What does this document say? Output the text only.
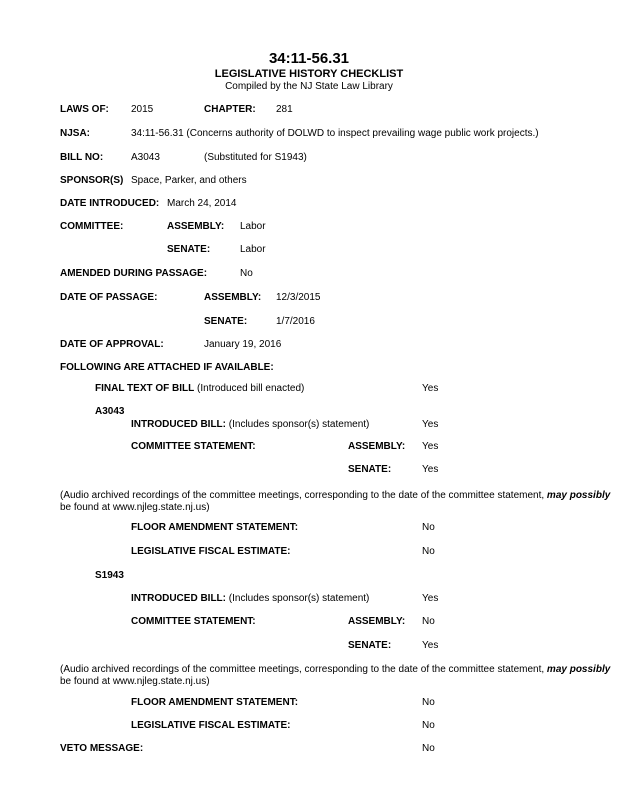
34:11-56.31
LEGISLATIVE HISTORY CHECKLIST
Compiled by the NJ State Law Library
LAWS OF: 2015	CHAPTER: 281
NJSA:	34:11-56.31 (Concerns authority of DOLWD to inspect prevailing wage public work projects.)
BILL NO:	A3043	(Substituted for S1943)
SPONSOR(S) Space, Parker, and others
DATE INTRODUCED: March 24, 2014
COMMITTEE:	ASSEMBLY: Labor
SENATE:	Labor
AMENDED DURING PASSAGE:	No
DATE OF PASSAGE:	ASSEMBLY: 12/3/2015
SENATE:	1/7/2016
DATE OF APPROVAL:	January 19, 2016
FOLLOWING ARE ATTACHED IF AVAILABLE:
FINAL TEXT OF BILL (Introduced bill enacted)	Yes
A3043
INTRODUCED BILL: (Includes sponsor(s) statement)	Yes
COMMITTEE STATEMENT:	ASSEMBLY: Yes
SENATE:	Yes
(Audio archived recordings of the committee meetings, corresponding to the date of the committee statement, may possibly
be found at www.njleg.state.nj.us)
FLOOR AMENDMENT STATEMENT:	No
LEGISLATIVE FISCAL ESTIMATE:	No
S1943
INTRODUCED BILL: (Includes sponsor(s) statement)	Yes
COMMITTEE STATEMENT:	ASSEMBLY: No
SENATE:	Yes
(Audio archived recordings of the committee meetings, corresponding to the date of the committee statement, may possibly
be found at www.njleg.state.nj.us)
FLOOR AMENDMENT STATEMENT:	No
LEGISLATIVE FISCAL ESTIMATE:	No
VETO MESSAGE:	No
